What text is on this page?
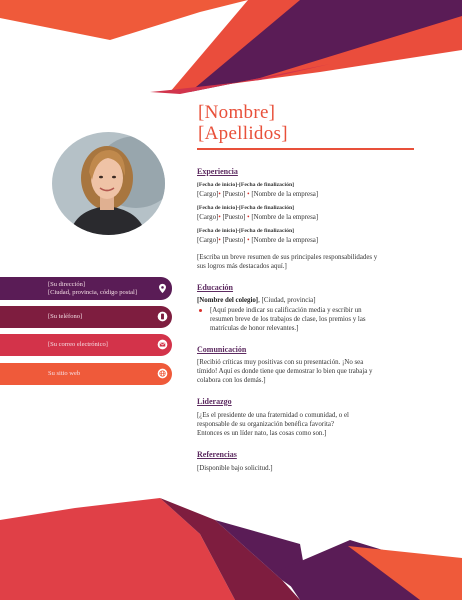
[Nombre]
[Apellidos]
[Su dirección]
[Ciudad, provincia, código postal]
[Su teléfono]
[Su correo electrónico]
Su sitio web
Experiencia
[Fecha de inicio]-[Fecha de finalización]
[Cargo]• [Puesto] • [Nombre de la empresa]
[Fecha de inicio]-[Fecha de finalización]
[Cargo]• [Puesto] • [Nombre de la empresa]
[Fecha de inicio]-[Fecha de finalización]
[Cargo]• [Puesto] • [Nombre de la empresa]
[Escriba un breve resumen de sus principales responsabilidades y
sus logros más destacados aquí.]
Educación
[Nombre del colegio], [Ciudad, provincia]
[Aquí puede indicar su calificación media y escribir un
resumen breve de los trabajos de clase, los premios y las
matrículas de honor relevantes.]
Comunicación
[Recibió críticas muy positivas con su presentación. ¡No sea
tímido! Aquí es donde tiene que demostrar lo bien que trabaja y
colabora con los demás.]
Liderazgo
[¿Es el presidente de una fraternidad o comunidad, o el
responsable de su organización benéfica favorita?
Entonces es un líder nato, las cosas como son.]
Referencias
[Disponible bajo solicitud.]
